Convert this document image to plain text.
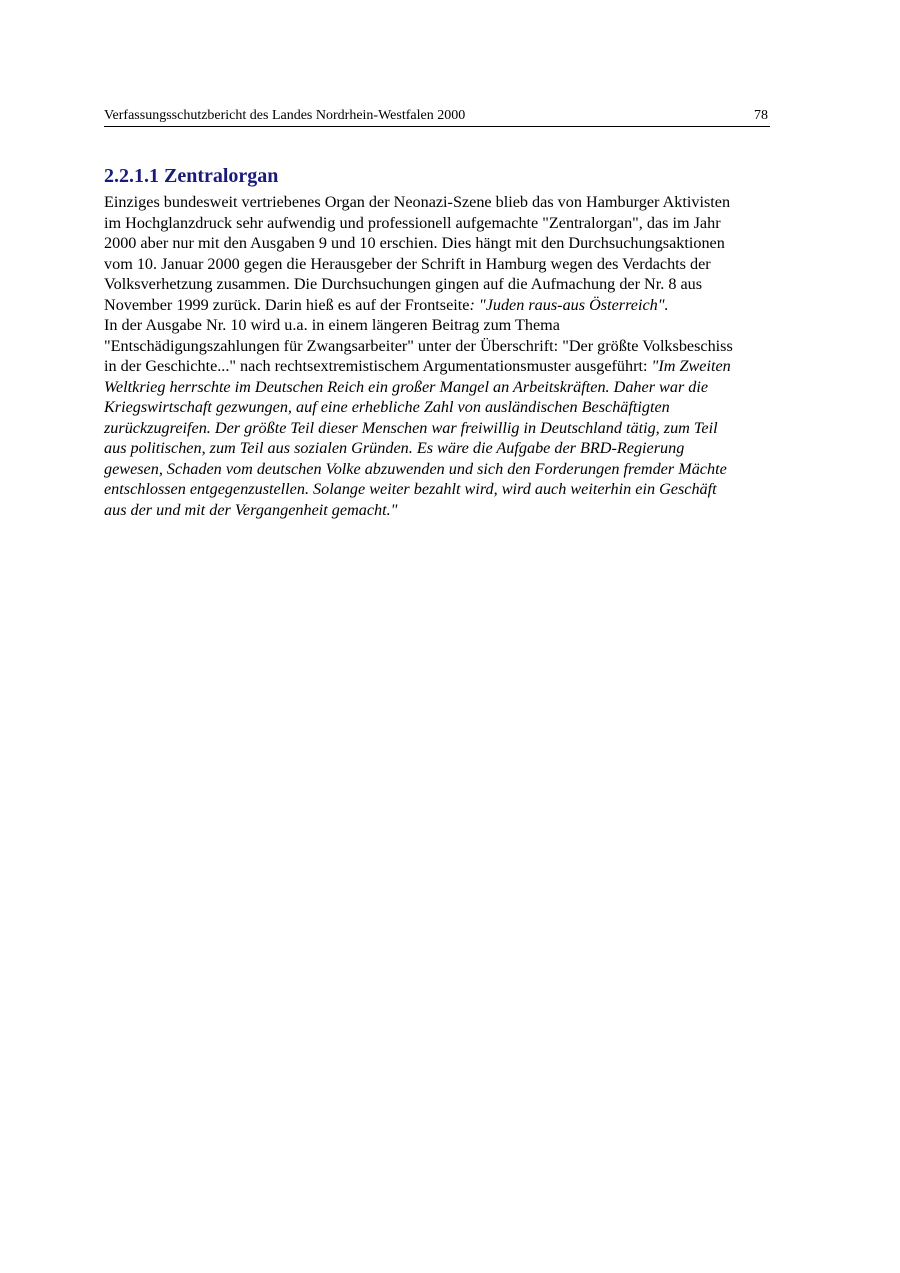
Verfassungsschutzbericht des Landes Nordrhein-Westfalen 2000	78
2.2.1.1 Zentralorgan

Einziges bundesweit vertriebenes Organ der Neonazi-Szene blieb das von Hamburger Aktivisten
im Hochglanzdruck sehr aufwendig und professionell aufgemachte "Zentralorgan", das im Jahr
2000 aber nur mit den Ausgaben 9 und 10 erschien. Dies hängt mit den Durchsuchungsaktionen
vom 10. Januar 2000 gegen die Herausgeber der Schrift in Hamburg wegen des Verdachts der
Volksverhetzung zusammen. Die Durchsuchungen gingen auf die Aufmachung der Nr. 8 aus
November 1999 zurück. Darin hieß es auf der Frontseite: "Juden raus-aus Österreich".

In der Ausgabe Nr. 10 wird u.a. in einem längeren Beitrag zum Thema
"Entschädigungszahlungen für Zwangsarbeiter" unter der Überschrift: "Der größte Volksbeschiss
in der Geschichte..." nach rechtsextremistischem Argumentationsmuster ausgeführt: "Im Zweiten
Weltkrieg herrschte im Deutschen Reich ein großer Mangel an Arbeitskräften. Daher war die
Kriegswirtschaft gezwungen, auf eine erhebliche Zahl von ausländischen Beschäftigten
zurückzugreifen. Der größte Teil dieser Menschen war freiwillig in Deutschland tätig, zum Teil
aus politischen, zum Teil aus sozialen Gründen. Es wäre die Aufgabe der BRD-Regierung
gewesen, Schaden vom deutschen Volke abzuwenden und sich den Forderungen fremder Mächte
entschlossen entgegenzustellen. Solange weiter bezahlt wird, wird auch weiterhin ein Geschäft
aus der und mit der Vergangenheit gemacht."
